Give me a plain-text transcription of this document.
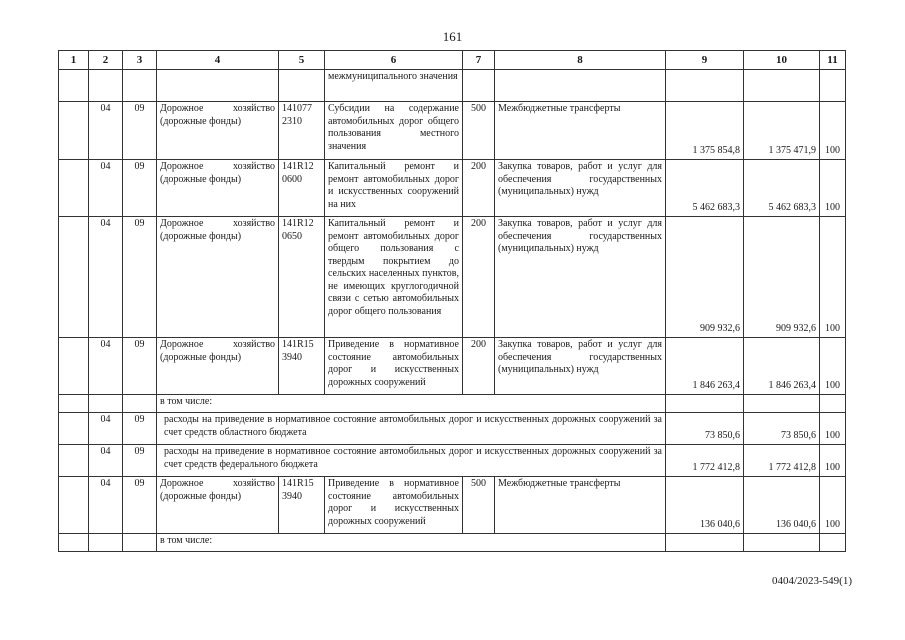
161
1	2	3	4	5	6	7	8	9	10	11
					межмуниципального значения					
	04	09	Дорожное хозяйство (дорожные фонды)	141077 2310	Субсидии на содержание автомобильных дорог общего пользования местного значения	500	Межбюджетные трансферты	1 375 854,8	1 375 471,9	100
	04	09	Дорожное хозяйство (дорожные фонды)	141R12 0600	Капитальный ремонт и ремонт автомобильных дорог и искусственных сооружений на них	200	Закупка товаров, работ и услуг для обеспечения государственных (муниципальных) нужд	5 462 683,3	5 462 683,3	100
	04	09	Дорожное хозяйство (дорожные фонды)	141R12 0650	Капитальный ремонт и ремонт автомобильных дорог общего пользования с твердым покрытием до сельских населенных пунктов, не имеющих круглогодичной связи с сетью автомобильных дорог общего пользования	200	Закупка товаров, работ и услуг для обеспечения государственных (муниципальных) нужд	909 932,6	909 932,6	100
	04	09	Дорожное хозяйство (дорожные фонды)	141R15 3940	Приведение в нормативное состояние автомобильных дорог и искусственных дорожных сооружений	200	Закупка товаров, работ и услуг для обеспечения государственных (муниципальных) нужд	1 846 263,4	1 846 263,4	100
			в том числе:							
	04	09	расходы на приведение в нормативное состояние автомобильных дорог и искусственных дорожных сооружений за счет средств областного бюджета					73 850,6	73 850,6	100
	04	09	расходы на приведение в нормативное состояние автомобильных дорог и искусственных дорожных сооружений за счет средств федерального бюджета					1 772 412,8	1 772 412,8	100
	04	09	Дорожное хозяйство (дорожные фонды)	141R15 3940	Приведение в нормативное состояние автомобильных дорог и искусственных дорожных сооружений	500	Межбюджетные трансферты	136 040,6	136 040,6	100
			в том числе:							
0404/2023-549(1)
